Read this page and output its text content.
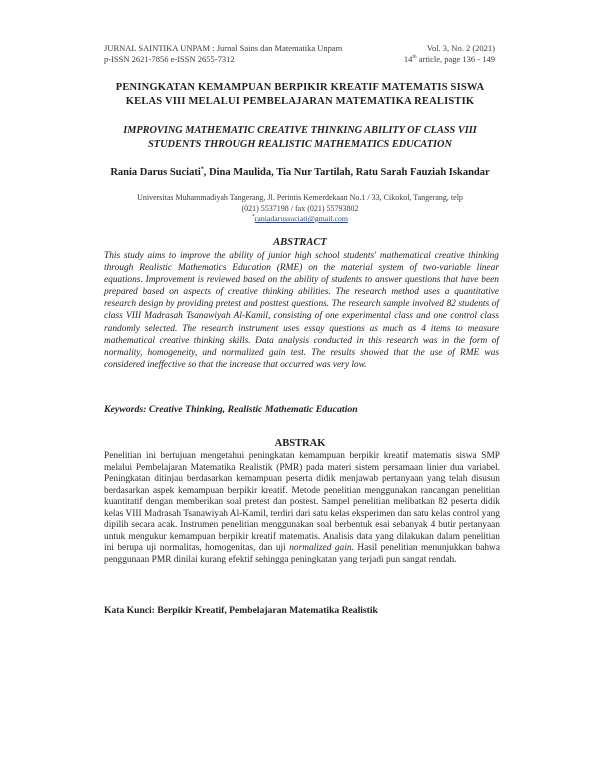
JURNAL SAINTIKA UNPAM : Jurnal Sains dan Matematika Unpam
p-ISSN 2621-7856 e-ISSN 2655-7312
Vol. 3, No. 2 (2021)
14th article, page 136 - 149
PENINGKATAN KEMAMPUAN BERPIKIR KREATIF MATEMATIS SISWA
KELAS VIII MELALUI PEMBELAJARAN MATEMATIKA REALISTIK
IMPROVING MATHEMATIC CREATIVE THINKING ABILITY OF CLASS VIII
STUDENTS THROUGH REALISTIC MATHEMATICS EDUCATION
Rania Darus Suciati*, Dina Maulida, Tia Nur Tartilah, Ratu Sarah Fauziah Iskandar
Universitas Muhammadiyah Tangerang, Jl. Perintis Kemerdekaan No.1 / 33, Cikokol, Tangerang, telp
(021) 5537198 / fax (021) 55793802
*raniadarussuciati@gmail.com
ABSTRACT
This study aims to improve the ability of junior high school students' mathematical creative thinking through Realistic Mathematics Education (RME) on the material system of two-variable linear equations. Improvement is reviewed based on the ability of students to answer questions that have been prepared based on aspects of creative thinking abilities. The research method uses a quantitative research design by providing pretest and posttest questions. The research sample involved 82 students of class VIII Madrasah Tsanawiyah Al-Kamil, consisting of one experimental class and one control class randomly selected. The research instrument uses essay questions as much as 4 items to measure mathematical creative thinking skills. Data analysis conducted in this research was in the form of normality, homogeneity, and normalized gain test. The results showed that the use of RME was considered ineffective so that the increase that occurred was very low.
Keywords: Creative Thinking, Realistic Mathematic Education
ABSTRAK
Penelitian ini bertujuan mengetahui peningkatan kemampuan berpikir kreatif matematis siswa SMP melalui Pembelajaran Matematika Realistik (PMR) pada materi sistem persamaan linier dua variabel. Peningkatan ditinjau berdasarkan kemampuan peserta didik menjawab pertanyaan yang telah disusun berdasarkan aspek kemampuan berpikir kreatif. Metode penelitian menggunakan rancangan penelitian kuantitatif dengan memberikan soal pretest dan postest. Sampel penelitian melibatkan 82 peserta didik kelas VIII Madrasah Tsanawiyah Al-Kamil, terdiri dari satu kelas eksperimen dan satu kelas control yang dipilih secara acak. Instrumen penelitian menggunakan soal berbentuk esai sebanyak 4 butir pertanyaan untuk mengukur kemampuan berpikir kreatif matematis. Analisis data yang dilakukan dalam penelitian ini berupa uji normalitas, homogenitas, dan uji normalized gain. Hasil penelitian menunjukkan bahwa penggunaan PMR dinilai kurang efektif sehingga peningkatan yang terjadi pun sangat rendah.
Kata Kunci: Berpikir Kreatif, Pembelajaran Matematika Realistik
